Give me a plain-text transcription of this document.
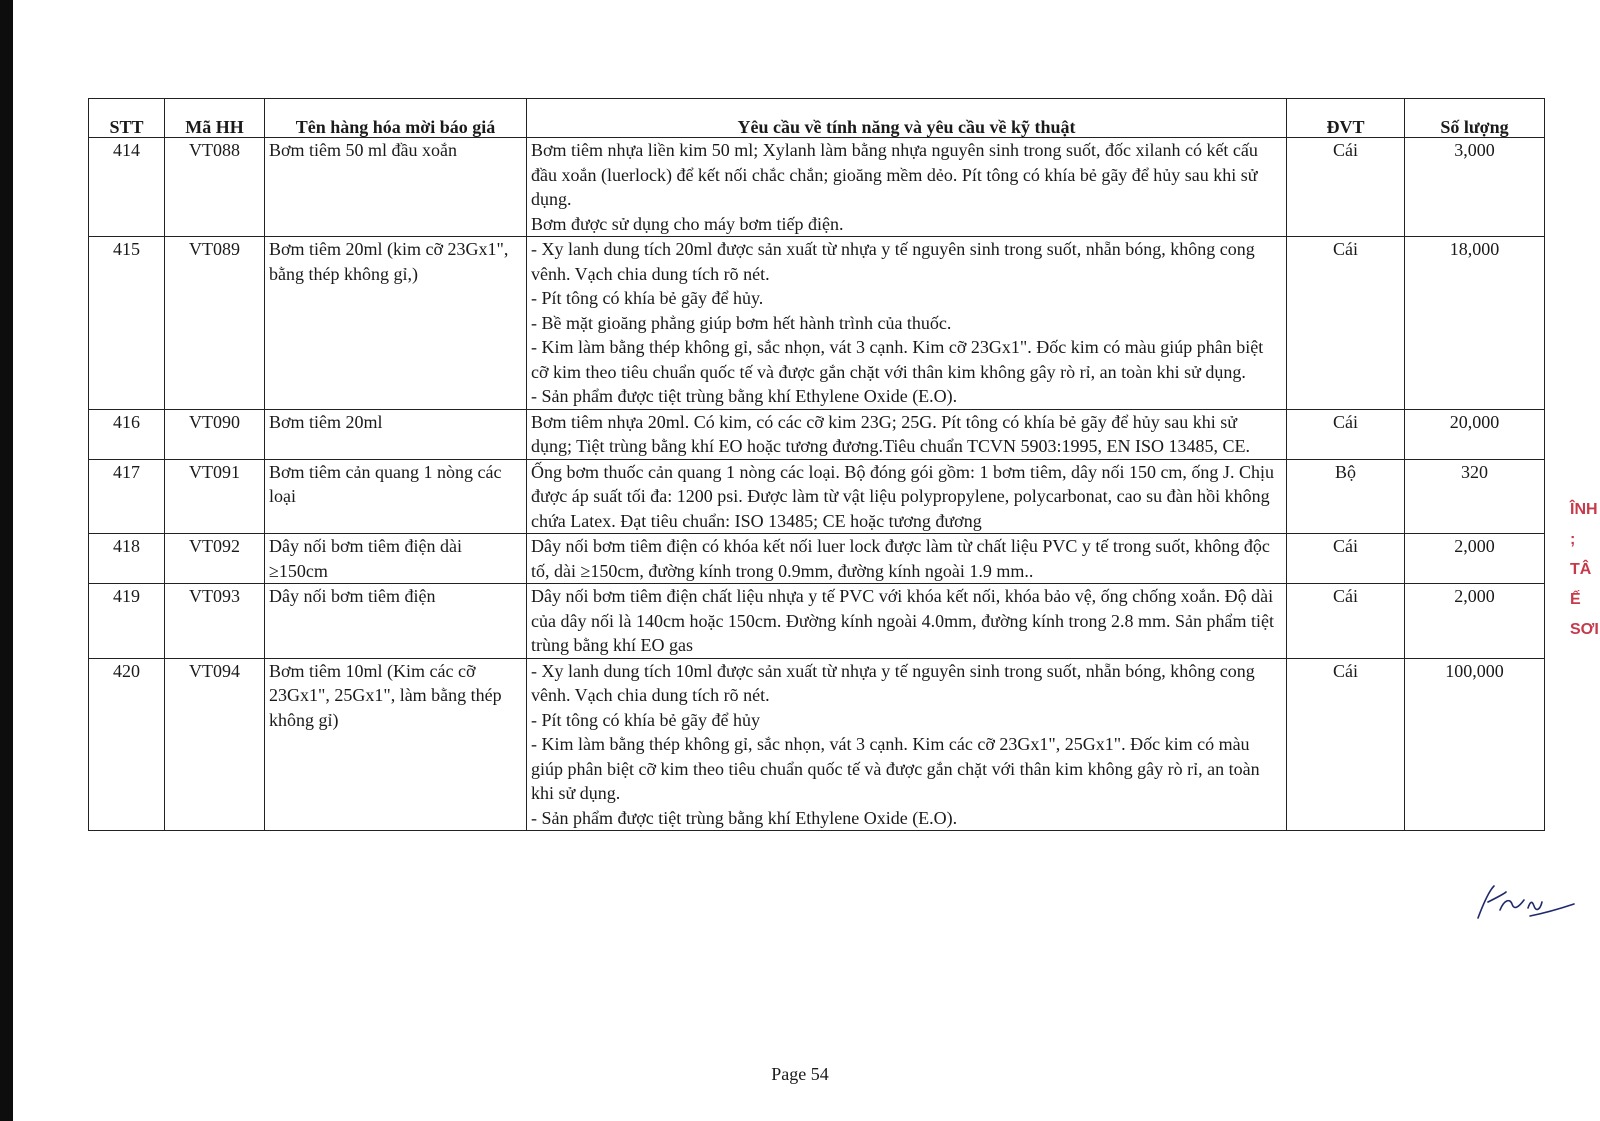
STT	Mã HH	Tên hàng hóa mời báo giá	Yêu cầu về tính năng và yêu cầu về kỹ thuật	ĐVT	Số lượng
414	VT088	Bơm tiêm 50 ml đầu xoắn	Bơm tiêm nhựa liền kim 50 ml; Xylanh làm bằng nhựa nguyên sinh trong suốt, đốc xilanh có kết cấu đầu xoắn (luerlock) để kết nối chắc chắn; gioăng mềm dẻo. Pít tông có khía bẻ gãy để hủy sau khi sử dụng.
Bơm được sử dụng cho máy bơm tiếp điện.	Cái	3,000
415	VT089	Bơm tiêm 20ml (kim cỡ 23Gx1", bằng thép không gỉ,)	- Xy lanh dung tích 20ml được sản xuất từ nhựa y tế nguyên sinh trong suốt, nhẵn bóng, không cong vênh. Vạch chia dung tích rõ nét.
- Pít tông có khía bẻ gãy để hủy.
- Bề mặt gioăng phẳng giúp bơm hết hành trình của thuốc.
- Kim làm bằng thép không gỉ, sắc nhọn, vát 3 cạnh. Kim cỡ 23Gx1". Đốc kim có màu giúp phân biệt cỡ kim theo tiêu chuẩn quốc tế và được gắn chặt với thân kim không gây rò rỉ, an toàn khi sử dụng.
- Sản phẩm được tiệt trùng bằng khí Ethylene Oxide (E.O).	Cái	18,000
416	VT090	Bơm tiêm 20ml	Bơm tiêm nhựa 20ml. Có kim, có các cỡ kim 23G; 25G. Pít tông có khía bẻ gãy để hủy sau khi sử dụng; Tiệt trùng bằng khí EO hoặc tương đương.Tiêu chuẩn TCVN 5903:1995, EN ISO 13485, CE.	Cái	20,000
417	VT091	Bơm tiêm cản quang 1 nòng các loại	Ống bơm thuốc cản quang 1 nòng các loại. Bộ đóng gói gồm: 1 bơm tiêm, dây nối 150 cm, ống J. Chịu được áp suất tối đa: 1200 psi. Được làm từ vật liệu polypropylene, polycarbonat, cao su đàn hồi không chứa Latex. Đạt tiêu chuẩn: ISO 13485; CE hoặc tương đương	Bộ	320
418	VT092	Dây nối bơm tiêm điện dài ≥150cm	Dây nối bơm tiêm điện có khóa kết nối luer lock được làm từ chất liệu PVC y tế trong suốt, không độc tố, dài ≥150cm, đường kính trong 0.9mm, đường kính ngoài 1.9 mm..	Cái	2,000
419	VT093	Dây nối bơm tiêm điện	Dây nối bơm tiêm điện chất liệu nhựa y tế PVC với khóa kết nối, khóa bảo vệ, ống chống xoắn. Độ dài của dây nối là 140cm hoặc 150cm. Đường kính ngoài 4.0mm, đường kính trong 2.8 mm. Sản phẩm tiệt trùng bằng khí EO gas	Cái	2,000
420	VT094	Bơm tiêm 10ml (Kim các cỡ 23Gx1", 25Gx1", làm bằng thép không gỉ)	- Xy lanh dung tích 10ml được sản xuất từ nhựa y tế nguyên sinh trong suốt, nhẵn bóng, không cong vênh. Vạch chia dung tích rõ nét.
- Pít tông có khía bẻ gãy để hủy
- Kim làm bằng thép không gỉ, sắc nhọn, vát 3 cạnh. Kim các cỡ 23Gx1", 25Gx1". Đốc kim có màu giúp phân biệt cỡ kim theo tiêu chuẩn quốc tế và được gắn chặt với thân kim không gây rò rỉ, an toàn khi sử dụng.
- Sản phẩm được tiệt trùng bằng khí Ethylene Oxide (E.O).	Cái	100,000
ÎNH
; TÂ
Ế
SƠI
Page 54
